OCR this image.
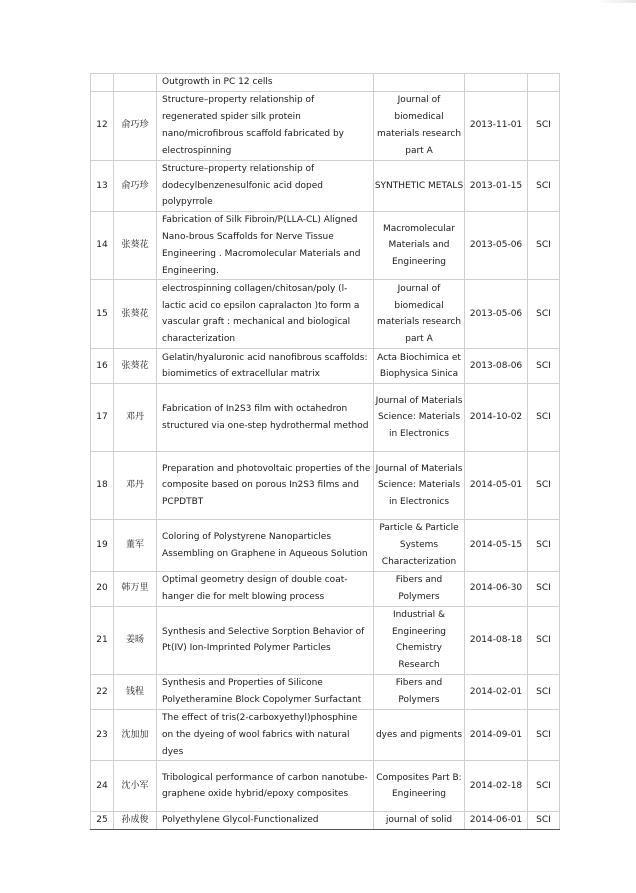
		Outgrowth in PC 12 cells			
12	俞巧珍	Structure–property relationship of regenerated spider silk protein nano/microfibrous scaffold fabricated by electrospinning	Journal of biomedical materials research part A	2013-11-01	SCI
13	俞巧珍	Structure–property relationship of dodecylbenzenesulfonic acid doped polypyrrole	SYNTHETIC METALS	2013-01-15	SCI
14	张葵花	Fabrication of Silk Fibroin/P(LLA-CL) Aligned Nano-brous Scaffolds for Nerve Tissue Engineering . Macromolecular Materials and Engineering.	Macromolecular Materials and Engineering	2013-05-06	SCI
15	张葵花	electrospinning collagen/chitosan/poly (l-lactic acid co epsilon capralacton )to form a vascular graft : mechanical and biological characterization	Journal of biomedical materials research part A	2013-05-06	SCI
16	张葵花	Gelatin/hyaluronic acid nanofibrous scaffolds: biomimetics of extracellular matrix	Acta Biochimica et Biophysica Sinica	2013-08-06	SCI
17	邓丹	Fabrication of In2S3 film with octahedron structured via one-step hydrothermal method	Journal of Materials Science: Materials in Electronics	2014-10-02	SCI
18	邓丹	Preparation and photovoltaic properties of the composite based on porous In2S3 films and PCPDTBT	Journal of Materials Science: Materials in Electronics	2014-05-01	SCI
19	董军	Coloring of Polystyrene Nanoparticles Assembling on Graphene in Aqueous Solution	Particle & Particle Systems Characterization	2014-05-15	SCI
20	韩万里	Optimal geometry design of double coat-hanger die for melt blowing process	Fibers and Polymers	2014-06-30	SCI
21	姜旸	Synthesis and Selective Sorption Behavior of Pt(IV) Ion-Imprinted Polymer Particles	Industrial & Engineering Chemistry Research	2014-08-18	SCI
22	钱程	Synthesis and Properties of Silicone Polyetheramine Block Copolymer Surfactant	Fibers and Polymers	2014-02-01	SCI
23	沈加加	The effect of tris(2-carboxyethyl)phosphine on the dyeing of wool fabrics with natural dyes	dyes and pigments	2014-09-01	SCI
24	沈小军	Tribological performance of carbon nanotube-graphene oxide hybrid/epoxy composites	Composites Part B: Engineering	2014-02-18	SCI
25	孙成俊	Polyethylene Glycol-Functionalized	journal of solid	2014-06-01	SCI
